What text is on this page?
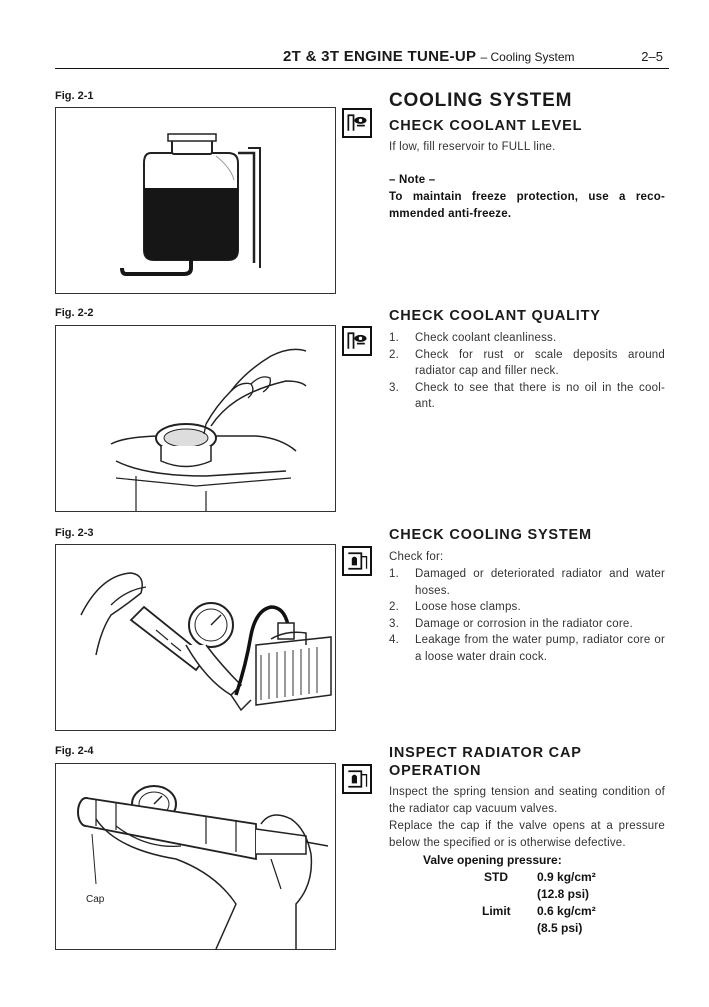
2T & 3T ENGINE TUNE-UP – Cooling System	2–5
Fig. 2-1	COOLING SYSTEM
CHECK COOLANT LEVEL
If low, fill reservoir to FULL line.
– Note –
To maintain freeze protection, use a reco- mmended anti-freeze.
Fig. 2-2	CHECK COOLANT QUALITY
1. Check coolant cleanliness.
2. Check for rust or scale deposits around radiator cap and filler neck.
3. Check to see that there is no oil in the cool- ant.
Fig. 2-3	CHECK COOLING SYSTEM
Check for:
1. Damaged or deteriorated radiator and water hoses.
2. Loose hose clamps.
3. Damage or corrosion in the radiator core.
4. Leakage from the water pump, radiator core or a loose water drain cock.
Fig. 2-4
Cap
INSPECT RADIATOR CAP
OPERATION
Inspect the spring tension and seating condition of the radiator cap vacuum valves.
Replace the cap if the valve opens at a pressure below the specified or is otherwise defective.
Valve opening pressure:
STD 0.9 kg/cm²
(12.8 psi)
Limit 0.6 kg/cm²
(8.5 psi)
